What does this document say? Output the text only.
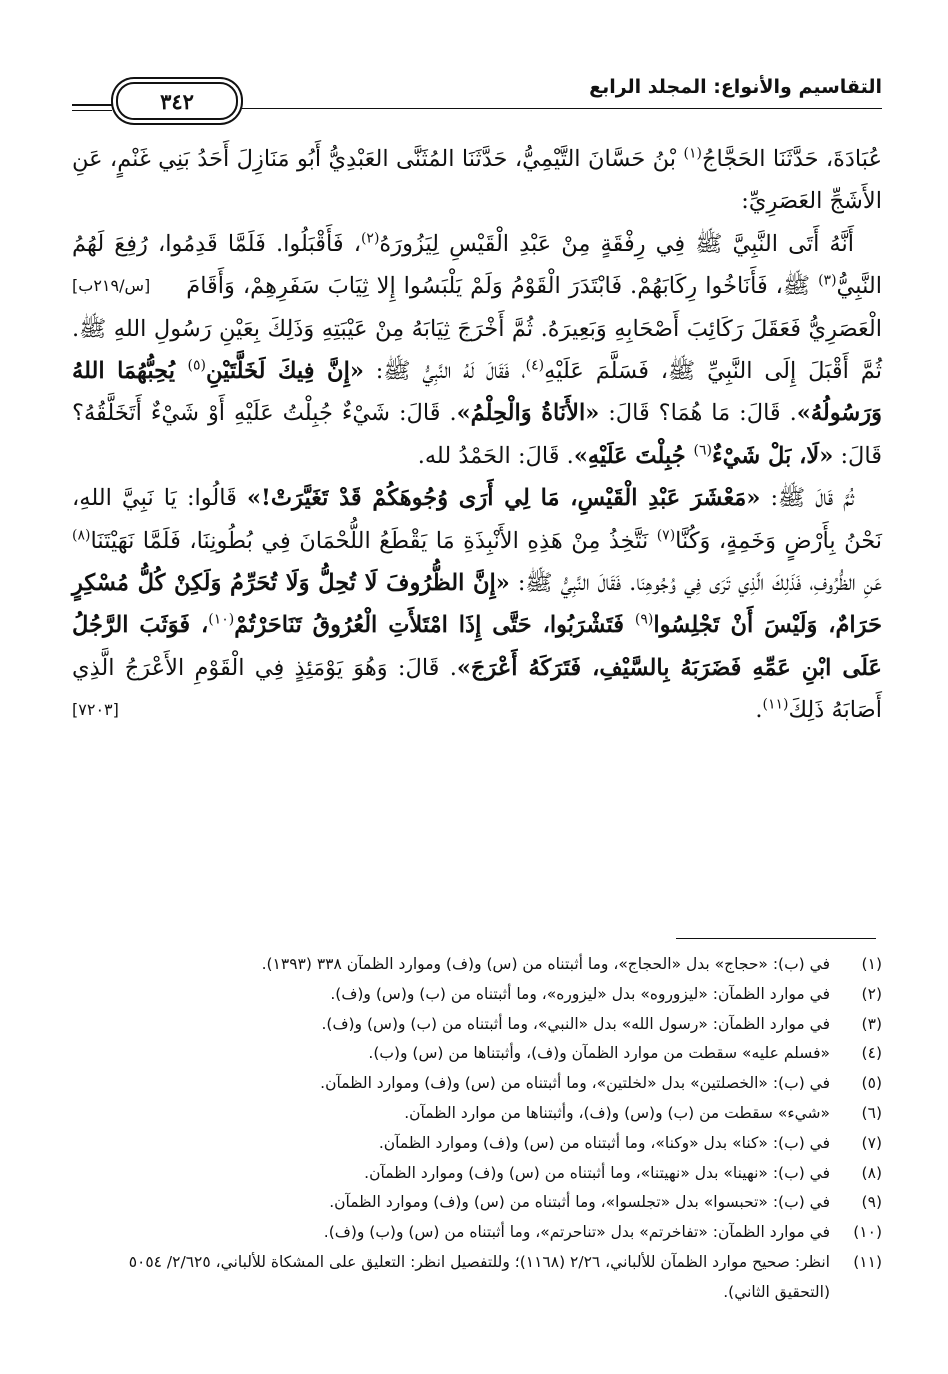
التقاسيم والأنواع: المجلد الرابع
٣٤٢

عُبَادَةَ، حَدَّثَنَا الحَجَّاجُ$^{(١)}$ بْنُ حَسَّانَ التَّيْمِيُّ، حَدَّثَنَا المُثَنَّى العَبْدِيُّ أَبُو مَنَازِلَ أَحَدُ بَنِي غَنْمٍ، عَنِ الأَشَجِّ العَصَرِيِّ:

أَنَّهُ أَتَى النَّبِيَّ ﷺ فِي رِفْقَةٍ مِنْ عَبْدِ الْقَيْسِ لِيَزُورَهُ$^{(٢)}$، فَأَقْبَلُوا. فَلَمَّا قَدِمُوا، رُفِعَ لَهُمُ النَّبِيُّ$^{(٣)}$
[س/٢١٩ب]	ﷺ، فَأَنَاخُوا رِكَابَهُمْ. فَابْتَدَرَ الْقَوْمُ وَلَمْ يَلْبَسُوا إِلا ثِيَابَ سَفَرِهِمْ، وَأَقَامَ الْعَصَرِيُّ فَعَقَلَ رَكَائِبَ أَصْحَابِهِ وَبَعِيرَهُ. ثُمَّ أَخْرَجَ ثِيَابَهُ مِنْ عَيْبَتِهِ وَذَلِكَ بِعَيْنِ رَسُولِ اللهِ ﷺ. ثُمَّ أَقْبَلَ إِلَى النَّبِيِّ ﷺ، فَسَلَّمَ عَلَيْهِ$^{(٤)}$، فَقَالَ لَهُ النَّبِيُّ ﷺ: «إِنَّ فِيكَ لَخَلَّتَيْنِ$^{(٥)}$ يُحِبُّهُمَا اللهُ وَرَسُولُهُ». قَالَ: مَا هُمَا؟ قَالَ: «الأَنَاةُ وَالْحِلْمُ». قَالَ: شَيْءٌ جُبِلْتُ عَلَيْهِ أَوْ شَيْءٌ أَتَخَلَّقُهُ؟ قَالَ: «لَا، بَلْ شَيْءٌ$^{(٦)}$ جُبِلْتَ عَلَيْهِ». قَالَ: الحَمْدُ لله.

ثُمَّ قَالَ ﷺ: «مَعْشَرَ عَبْدِ الْقَيْسِ، مَا لِي أَرَى وُجُوهَكُمْ قَدْ تَغَيَّرَتْ!» قَالُوا: يَا نَبِيَّ اللهِ، نَحْنُ بِأَرْضٍ وَخَمِةٍ، وَكُنَّا$^{(٧)}$ نَتَّخِذُ مِنْ هَذِهِ الأَنْبِذَةِ مَا يَقْطَعُ اللُّحْمَانَ فِي بُطُونِنَا، فَلَمَّا نَهَيْتَنَا$^{(٨)}$ عَنِ الظُّرُوفِ، فَذَلِكَ الَّذِي تَرَى فِي وُجُوهِنَا. فَقَالَ النَّبِيُّ ﷺ: «إِنَّ الظُّرُوفَ لَا تُحِلُّ وَلَا تُحَرِّمُ وَلَكِنْ كُلُّ مُسْكِرٍ حَرَامٌ، وَلَيْسَ أَنْ تَجْلِسُوا$^{(٩)}$ فَتَشْرَبُوا، حَتَّى إِذَا امْتَلأَتِ الْعُرُوقُ تَنَاحَرْتُمْ$^{(١٠)}$، فَوَثَبَ الرَّجُلُ عَلَى ابْنِ عَمِّهِ فَضَرَبَهُ بِالسَّيْفِ، فَتَرَكَهُ أَعْرَجَ». قَالَ: وَهُوَ يَوْمَئِذٍ فِي الْقَوْمِ الأَعْرَجُ الَّذِي أَصَابَهُ ذَلِكَ$^{(١١)}$.
[٧٢٠٣]

(١)
في (ب): «حجاج» بدل «الحجاج»، وما أثبتناه من (س) و(ف) وموارد الظمآن ٣٣٨ (١٣٩٣).
(٢)
في موارد الظمآن: «ليزوروه» بدل «ليزوره»، وما أثبتناه من (ب) و(س) و(ف).
(٣)
في موارد الظمآن: «رسول الله» بدل «النبي»، وما أثبتناه من (ب) و(س) و(ف).
(٤)
«فسلم عليه» سقطت من موارد الظمآن و(ف)، وأثبتناها من (س) و(ب).
(٥)
في (ب): «الخصلتين» بدل «لخلتين»، وما أثبتناه من (س) و(ف) وموارد الظمآن.
(٦)
«شيء» سقطت من (ب) و(س) و(ف)، وأثبتناها من موارد الظمآن.
(٧)
في (ب): «كنا» بدل «وكنا»، وما أثبتناه من (س) و(ف) وموارد الظمآن.
(٨)
في (ب): «نهينا» بدل «نهيتنا»، وما أثبتناه من (س) و(ف) وموارد الظمآن.
(٩)
في (ب): «تحبسوا» بدل «تجلسوا»، وما أثبتناه من (س) و(ف) وموارد الظمآن.
(١٠)
في موارد الظمآن: «تفاخرتم» بدل «تناحرتم»، وما أثبتناه من (س) و(ب) و(ف).
(١١)
انظر: صحيح موارد الظمآن للألباني، ٢/٢٦ (١١٦٨)؛ وللتفصيل انظر: التعليق على المشكاة للألباني، ٢/٦٢٥/ ٥٠٥٤ (التحقيق الثاني).
